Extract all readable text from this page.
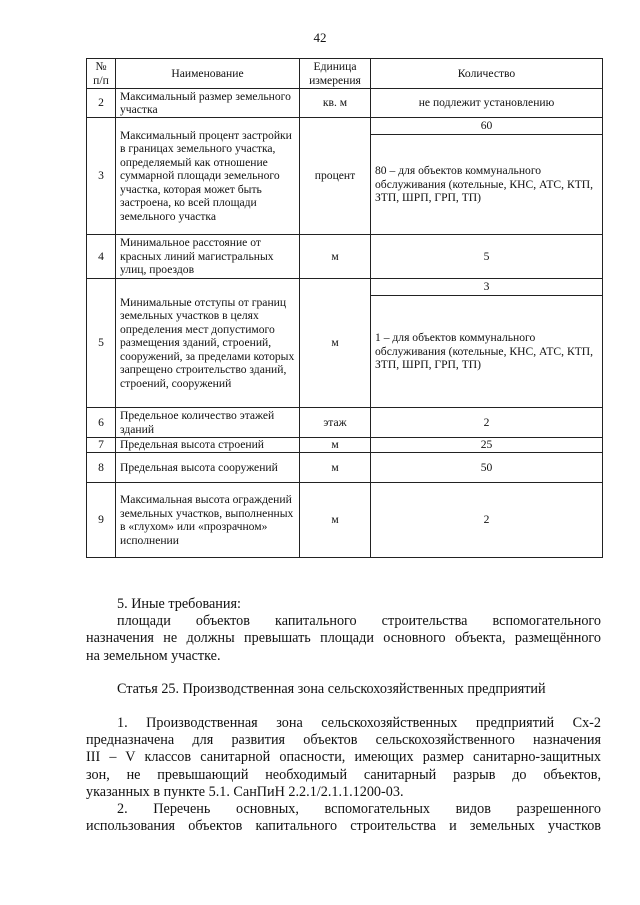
42
№ п/п	Наименование	Единица измерения	Количество
2	Максимальный размер земельного участка	кв. м	не подлежит установлению
3	Максимальный процент застройки в границах земельного участка, определяемый как отношение суммарной площади земельного участка, которая может быть застроена, ко всей площади земельного участка	процент	60
			80 – для объектов коммунального обслуживания (котельные, КНС, АТС, КТП, ЗТП, ШРП, ГРП, ТП)
4	Минимальное расстояние от красных линий магистральных улиц, проездов	м	5
5	Минимальные отступы от границ земельных участков в целях определения мест допустимого размещения зданий, строений, сооружений, за пределами которых запрещено строительство зданий, строений, сооружений	м	3
			1 – для объектов коммунального обслуживания (котельные, КНС, АТС, КТП, ЗТП, ШРП, ГРП, ТП)
6	Предельное количество этажей зданий	этаж	2
7	Предельная высота строений	м	25
8	Предельная высота сооружений	м	50
9	Максимальная высота ограждений земельных участков, выполненных в «глухом» или «прозрачном» исполнении	м	2
5. Иные требования:
площади объектов капитального строительства вспомогательного
назначения не должны превышать площади основного объекта, размещённого
на земельном участке.
Статья 25. Производственная зона сельскохозяйственных предприятий
1. Производственная зона сельскохозяйственных предприятий Сх-2
предназначена для развития объектов сельскохозяйственного назначения
III – V классов санитарной опасности, имеющих размер санитарно-защитных
зон, не превышающий необходимый санитарный разрыв до объектов,
указанных в пункте 5.1. СанПиН 2.2.1/2.1.1.1200-03.
2. Перечень основных, вспомогательных видов разрешенного
использования объектов капитального строительства и земельных участков
